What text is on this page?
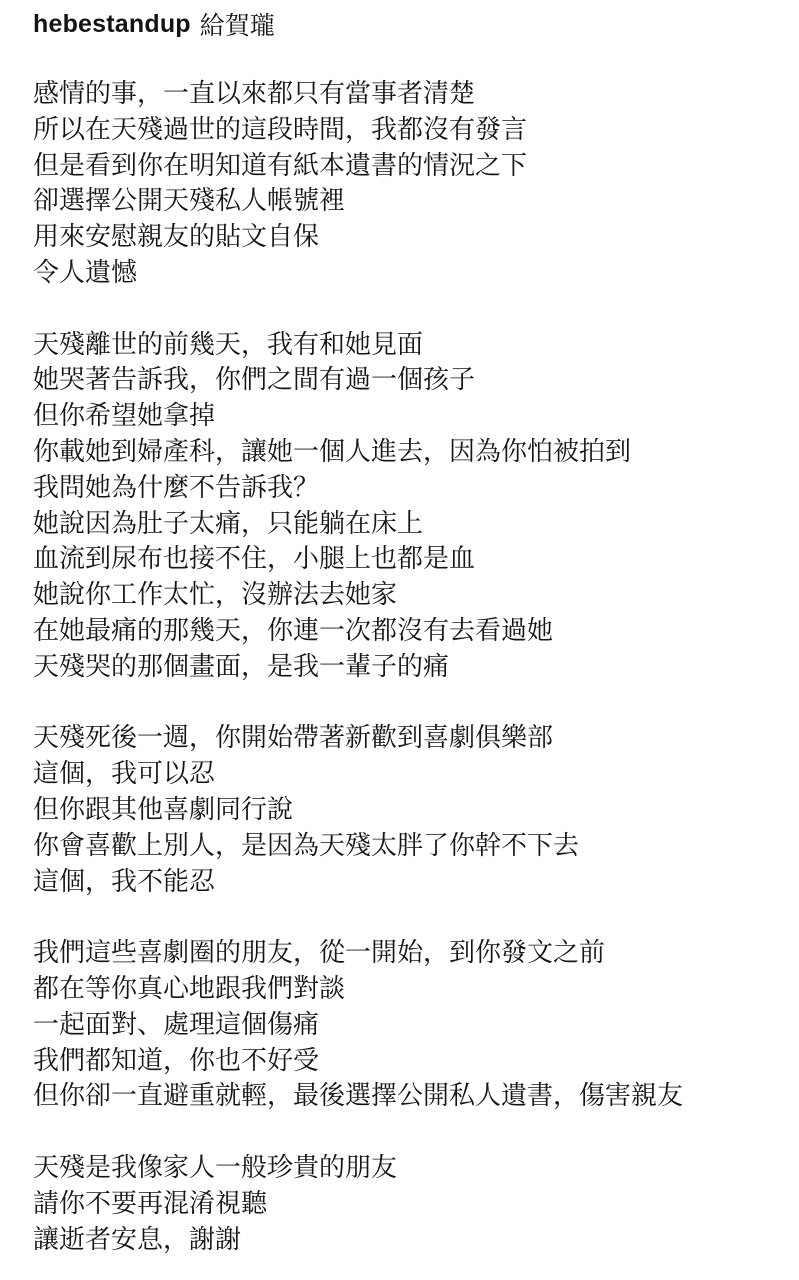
hebestandup 給賀瓏
感情的事，一直以來都只有當事者清楚
所以在天殘過世的這段時間，我都沒有發言
但是看到你在明知道有紙本遺書的情況之下
卻選擇公開天殘私人帳號裡
用來安慰親友的貼文自保
令人遺憾
天殘離世的前幾天，我有和她見面
她哭著告訴我，你們之間有過一個孩子
但你希望她拿掉
你載她到婦產科，讓她一個人進去，因為你怕被拍到
我問她為什麼不告訴我？
她說因為肚子太痛，只能躺在床上
血流到尿布也接不住，小腿上也都是血
她說你工作太忙，沒辦法去她家
在她最痛的那幾天，你連一次都沒有去看過她
天殘哭的那個畫面，是我一輩子的痛
天殘死後一週，你開始帶著新歡到喜劇俱樂部
這個，我可以忍
但你跟其他喜劇同行說
你會喜歡上別人，是因為天殘太胖了你幹不下去
這個，我不能忍
我們這些喜劇圈的朋友，從一開始，到你發文之前
都在等你真心地跟我們對談
一起面對、處理這個傷痛
我們都知道，你也不好受
但你卻一直避重就輕，最後選擇公開私人遺書，傷害親友
天殘是我像家人一般珍貴的朋友
請你不要再混淆視聽
讓逝者安息，謝謝
